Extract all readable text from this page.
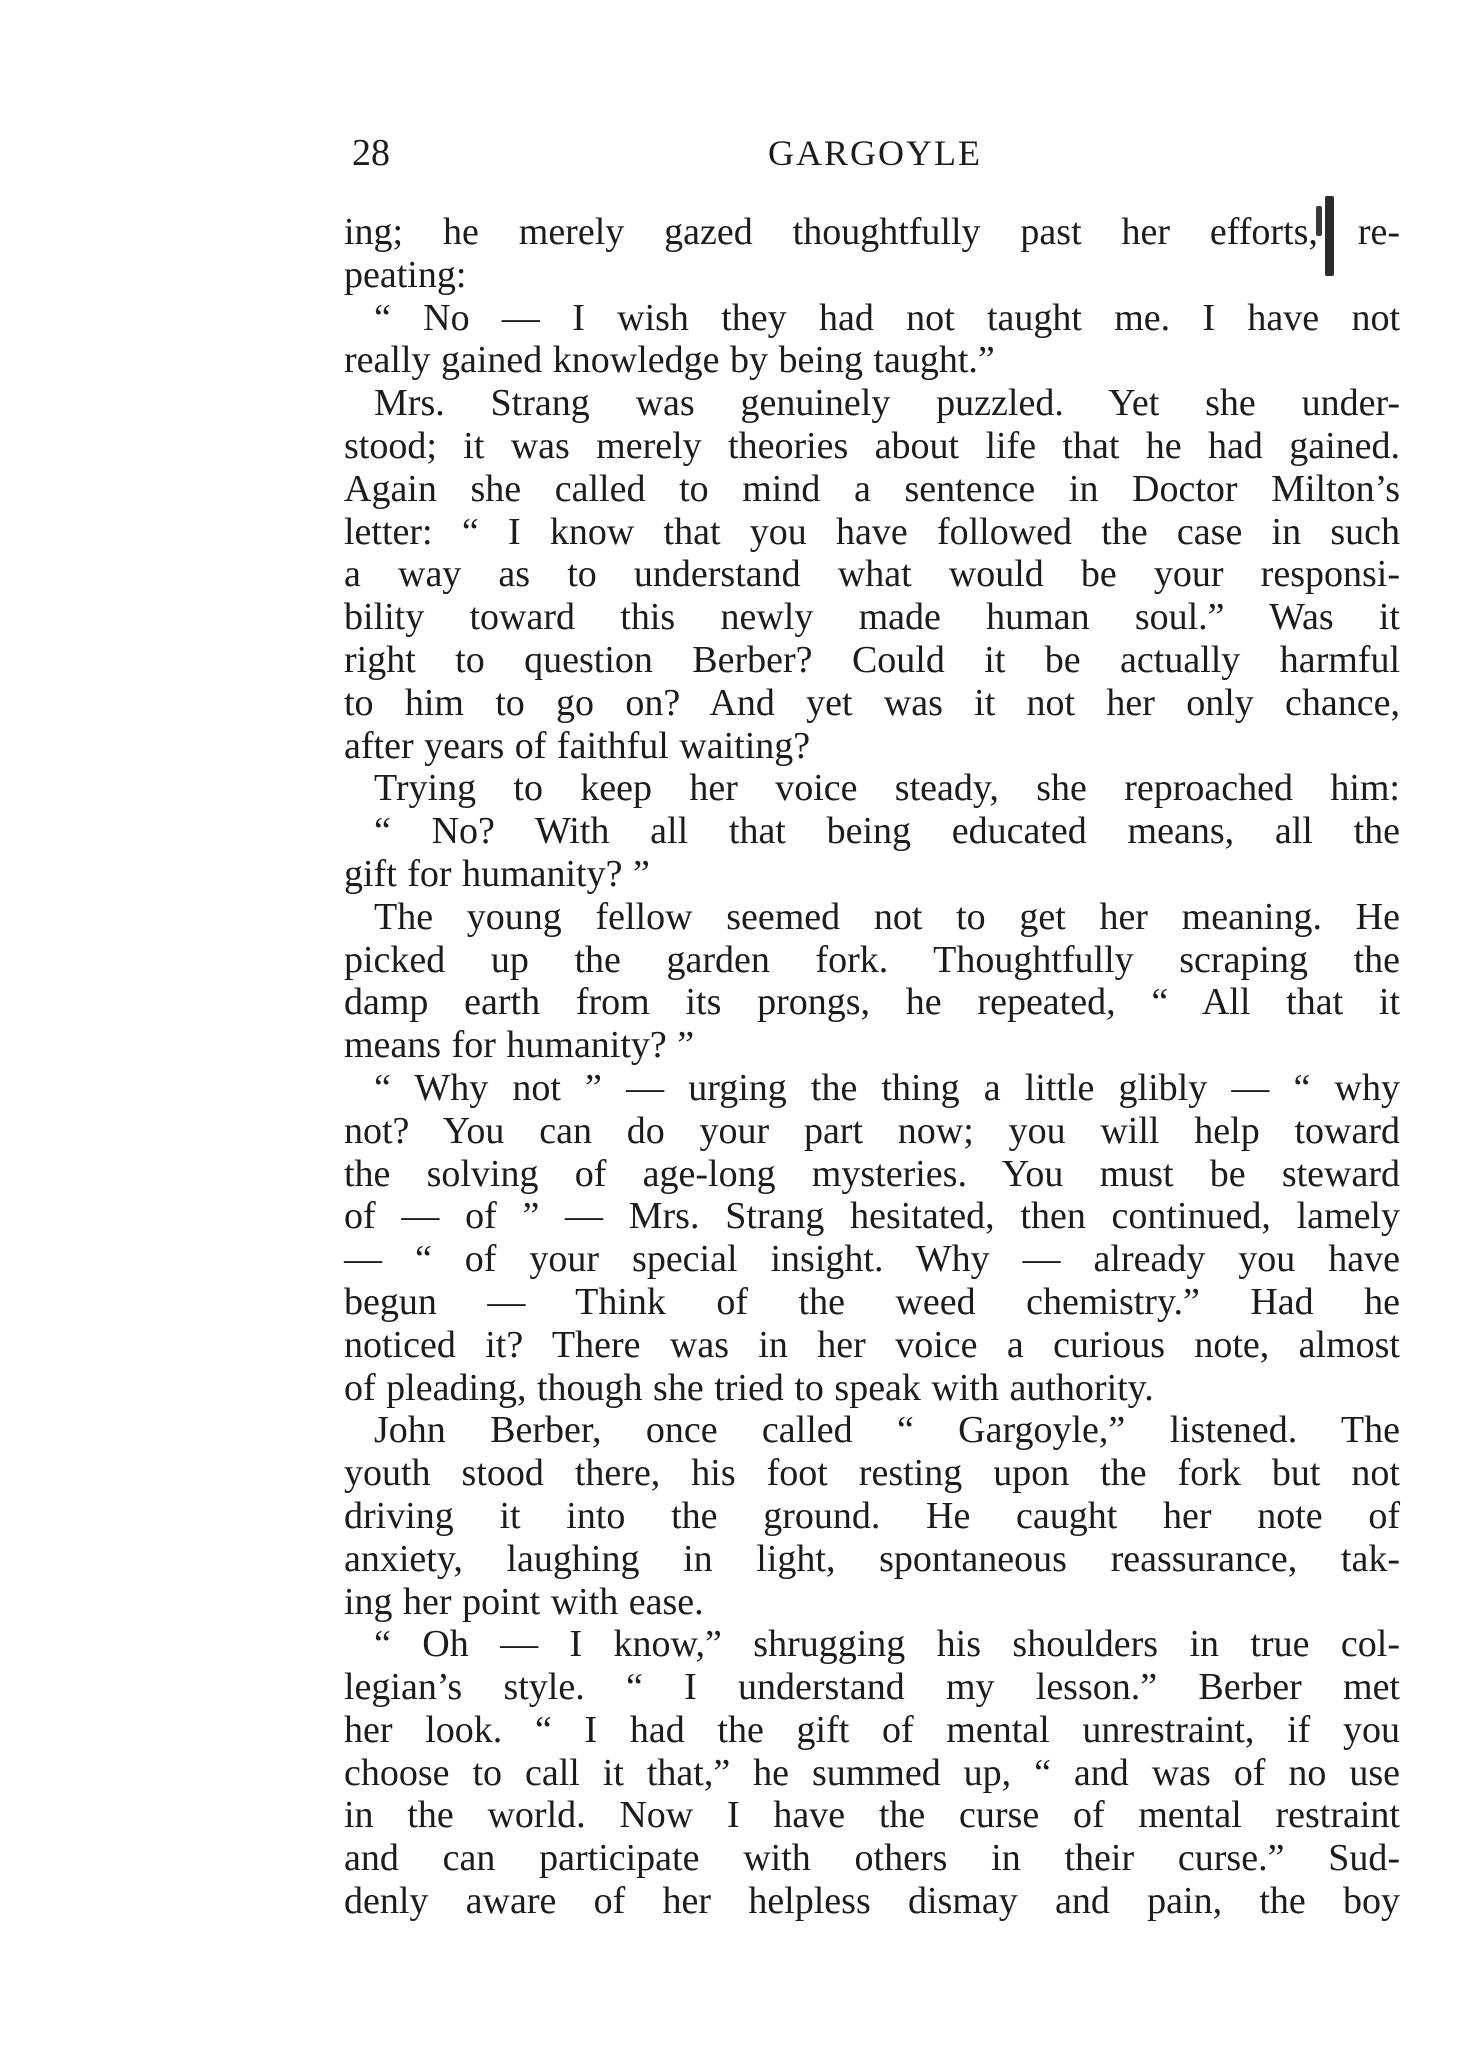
28	GARGOYLE
ing; he merely gazed thoughtfully past her efforts, re-
peating:
“ No — I wish they had not taught me. I have not
really gained knowledge by being taught.”
Mrs. Strang was genuinely puzzled. Yet she under-
stood; it was merely theories about life that he had gained.
Again she called to mind a sentence in Doctor Milton’s
letter: “ I know that you have followed the case in such
a way as to understand what would be your responsi-
bility toward this newly made human soul.” Was it
right to question Berber? Could it be actually harmful
to him to go on? And yet was it not her only chance,
after years of faithful waiting?
Trying to keep her voice steady, she reproached him:
“ No? With all that being educated means, all the
gift for humanity? ”
The young fellow seemed not to get her meaning. He
picked up the garden fork. Thoughtfully scraping the
damp earth from its prongs, he repeated, “ All that it
means for humanity? ”
“ Why not ” — urging the thing a little glibly — “ why
not? You can do your part now; you will help toward
the solving of age-long mysteries. You must be steward
of — of ” — Mrs. Strang hesitated, then continued, lamely
— “ of your special insight. Why — already you have
begun — Think of the weed chemistry.” Had he
noticed it? There was in her voice a curious note, almost
of pleading, though she tried to speak with authority.
John Berber, once called “ Gargoyle,” listened. The
youth stood there, his foot resting upon the fork but not
driving it into the ground. He caught her note of
anxiety, laughing in light, spontaneous reassurance, tak-
ing her point with ease.
“ Oh — I know,” shrugging his shoulders in true col-
legian’s style. “ I understand my lesson.” Berber met
her look. “ I had the gift of mental unrestraint, if you
choose to call it that,” he summed up, “ and was of no use
in the world. Now I have the curse of mental restraint
and can participate with others in their curse.” Sud-
denly aware of her helpless dismay and pain, the boy
